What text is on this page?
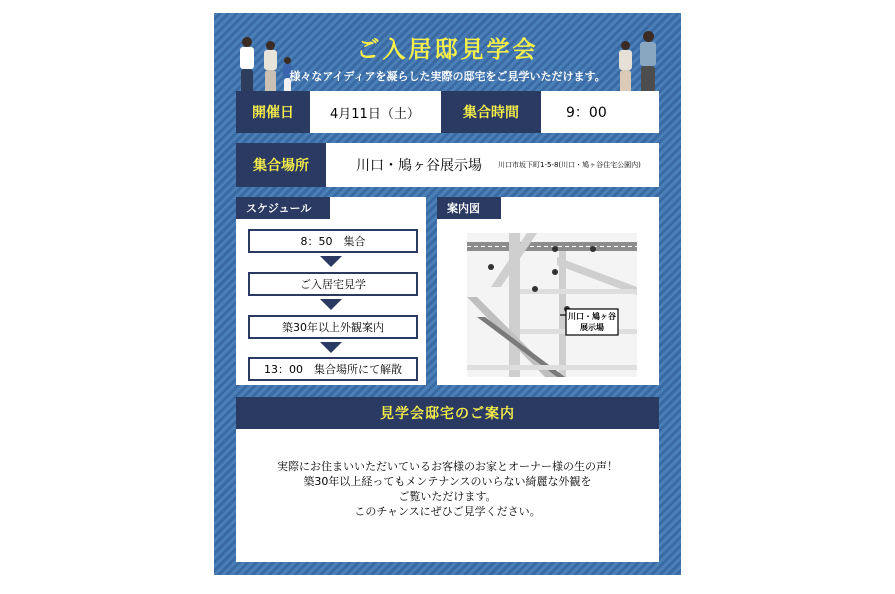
ご入居邸見学会
様々なアイディアを凝らした実際の邸宅をご見学いただけます。
開催日	4月11日（土）	集合時間	9：00
集合場所	川口・鳩ヶ谷展示場 川口市坂下町1-5-8(川口・鳩ヶ谷住宅公園内)
スケジュール
8：50　集合
ご入居宅見学
築30年以上外観案内
13：00　集合場所にて解散
案内図
川口・鳩ヶ谷
展示場
見学会邸宅のご案内
実際にお住まいいただいているお客様のお家とオーナー様の生の声！
築30年以上経ってもメンテナンスのいらない綺麗な外観を
ご覧いただけます。
このチャンスにぜひご見学ください。
